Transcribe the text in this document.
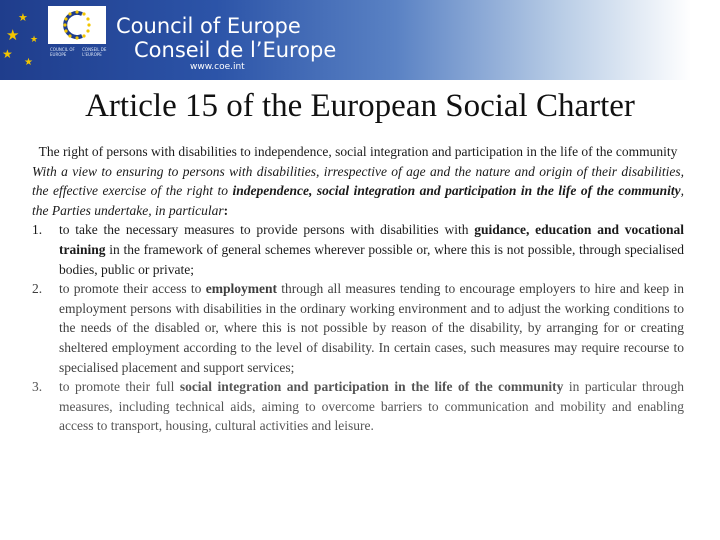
★
★
★
★
★
COUNCIL OF EUROPE
CONSEIL DE L'EUROPE
Council of Europe
Conseil de l’Europe
www.coe.int
Article 15 of the European Social Charter

The right of persons with disabilities to independence, social integration and participation in the life of the community

With a view to ensuring to persons with disabilities, irrespective of age and the nature and origin of their disabilities, the effective exercise of the right to independence, social integration and participation in the life of the community, the Parties undertake, in particular:

1. to take the necessary measures to provide persons with disabilities with guidance, education and vocational training in the framework of general schemes wherever possible or, where this is not possible, through specialised bodies, public or private;
2. to promote their access to employment through all measures tending to encourage employers to hire and keep in employment persons with disabilities in the ordinary working environment and to adjust the working conditions to the needs of the disabled or, where this is not possible by reason of the disability, by arranging for or creating sheltered employment according to the level of disability. In certain cases, such measures may require recourse to specialised placement and support services;
3. to promote their full social integration and participation in the life of the community in particular through measures, including technical aids, aiming to overcome barriers to communication and mobility and enabling access to transport, housing, cultural activities and leisure.
